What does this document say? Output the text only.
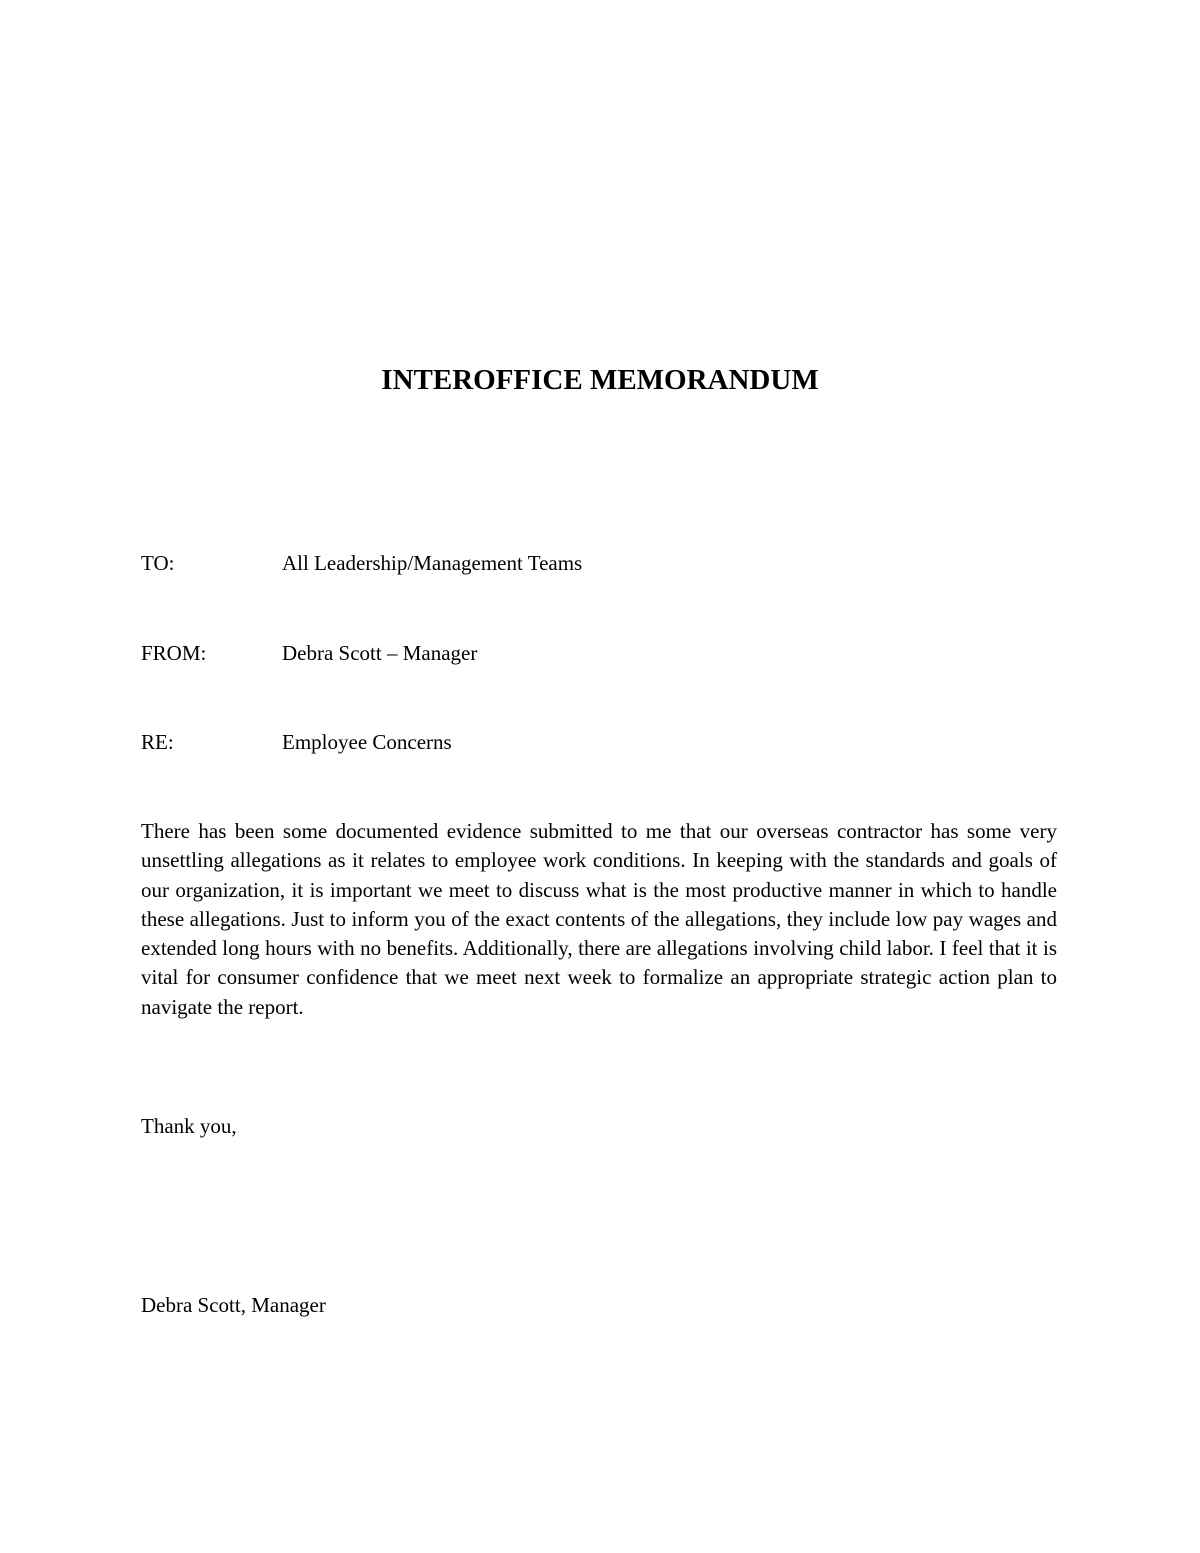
INTEROFFICE MEMORANDUM
TO:	All Leadership/Management Teams
FROM:	Debra Scott – Manager
RE:	Employee Concerns

There has been some documented evidence submitted to me that our overseas contractor has some very unsettling allegations as it relates to employee work conditions. In keeping with the standards and goals of our organization, it is important we meet to discuss what is the most productive manner in which to handle these allegations. Just to inform you of the exact contents of the allegations, they include low pay wages and extended long hours with no benefits. Additionally, there are allegations involving child labor. I feel that it is vital for consumer confidence that we meet next week to formalize an appropriate strategic action plan to navigate the report.

Thank you,

Debra Scott, Manager
